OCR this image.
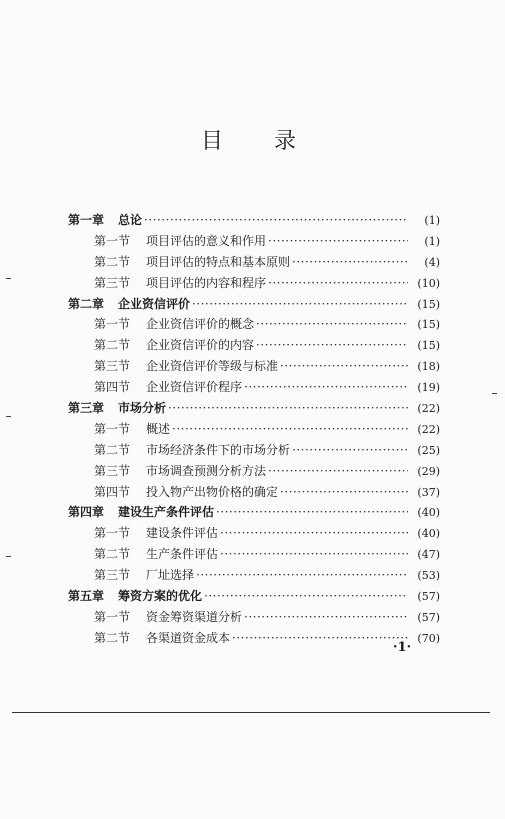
目 录
第一章	总论 ·····	(1)
第一节	项目评估的意义和作用 ·····	(1)
第二节	项目评估的特点和基本原则 ·····	(4)
第三节	项目评估的内容和程序 ·····	(10)
第二章	企业资信评价 ·····	(15)
第一节	企业资信评价的概念 ·····	(15)
第二节	企业资信评价的内容 ·····	(15)
第三节	企业资信评价等级与标准 ·····	(18)
第四节	企业资信评价程序 ·····	(19)
第三章	市场分析 ·····	(22)
第一节	概述 ·····	(22)
第二节	市场经济条件下的市场分析 ·····	(25)
第三节	市场调查预测分析方法 ·····	(29)
第四节	投入物产出物价格的确定 ·····	(37)
第四章	建设生产条件评估 ·····	(40)
第一节	建设条件评估 ·····	(40)
第二节	生产条件评估 ·····	(47)
第三节	厂址选择 ·····	(53)
第五章	筹资方案的优化 ·····	(57)
第一节	资金筹资渠道分析 ·····	(57)
第二节	各渠道资金成本 ·····	(70)
·1·
